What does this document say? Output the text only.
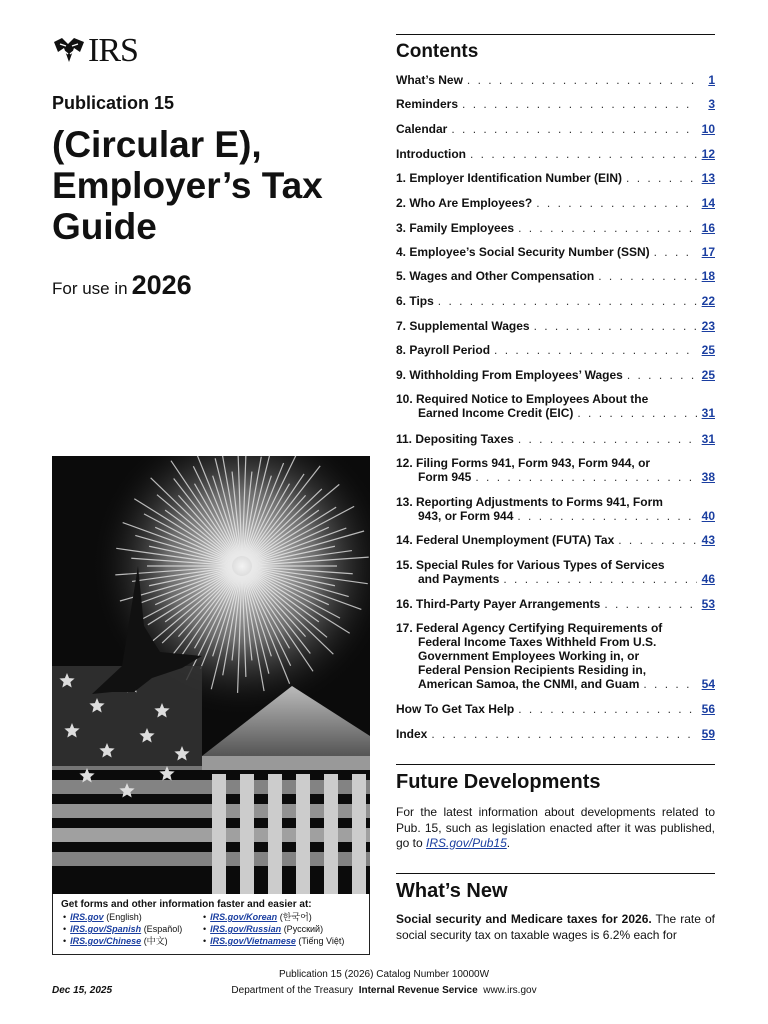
IRS
Publication 15
(Circular E), Employer’s Tax Guide
For use in 2026
Get forms and other information faster and easier at:
• IRS.gov (English)
• IRS.gov/Spanish (Español)
• IRS.gov/Chinese (中文)
• IRS.gov/Korean (한국어)
• IRS.gov/Russian (Русский)
• IRS.gov/Vietnamese (Tiếng Việt)
Publication 15 (2026) Catalog Number 10000W
Dec 15, 2025	Department of the Treasury Internal Revenue Service www.irs.gov
Contents
What’s New . . .	1
Reminders . . .	3
Calendar . . .	10
Introduction . . .	12
1. Employer Identification Number (EIN) . . .	13
2. Who Are Employees? . . .	14
3. Family Employees . . .	16
4. Employee’s Social Security Number (SSN) . . .	17
5. Wages and Other Compensation . . .	18
6. Tips . . .	22
7. Supplemental Wages . . .	23
8. Payroll Period . . .	25
9. Withholding From Employees’ Wages . . .	25
10. Required Notice to Employees About the
Earned Income Credit (EIC) . . .	31
11. Depositing Taxes . . .	31
12. Filing Forms 941, Form 943, Form 944, or
Form 945 . . .	38
13. Reporting Adjustments to Forms 941, Form
943, or Form 944 . . .	40
14. Federal Unemployment (FUTA) Tax . . .	43
15. Special Rules for Various Types of Services
and Payments . . .	46
16. Third-Party Payer Arrangements . . .	53
17. Federal Agency Certifying Requirements of
Federal Income Taxes Withheld From U.S.
Government Employees Working in, or
Federal Pension Recipients Residing in,
American Samoa, the CNMI, and Guam . . .	54
How To Get Tax Help . . .	56
Index . . .	59
Future Developments
For the latest information about developments related to Pub. 15, such as legislation enacted after it was published, go to IRS.gov/Pub15.
What’s New
Social security and Medicare taxes for 2026. The rate of social security tax on taxable wages is 6.2% each for
